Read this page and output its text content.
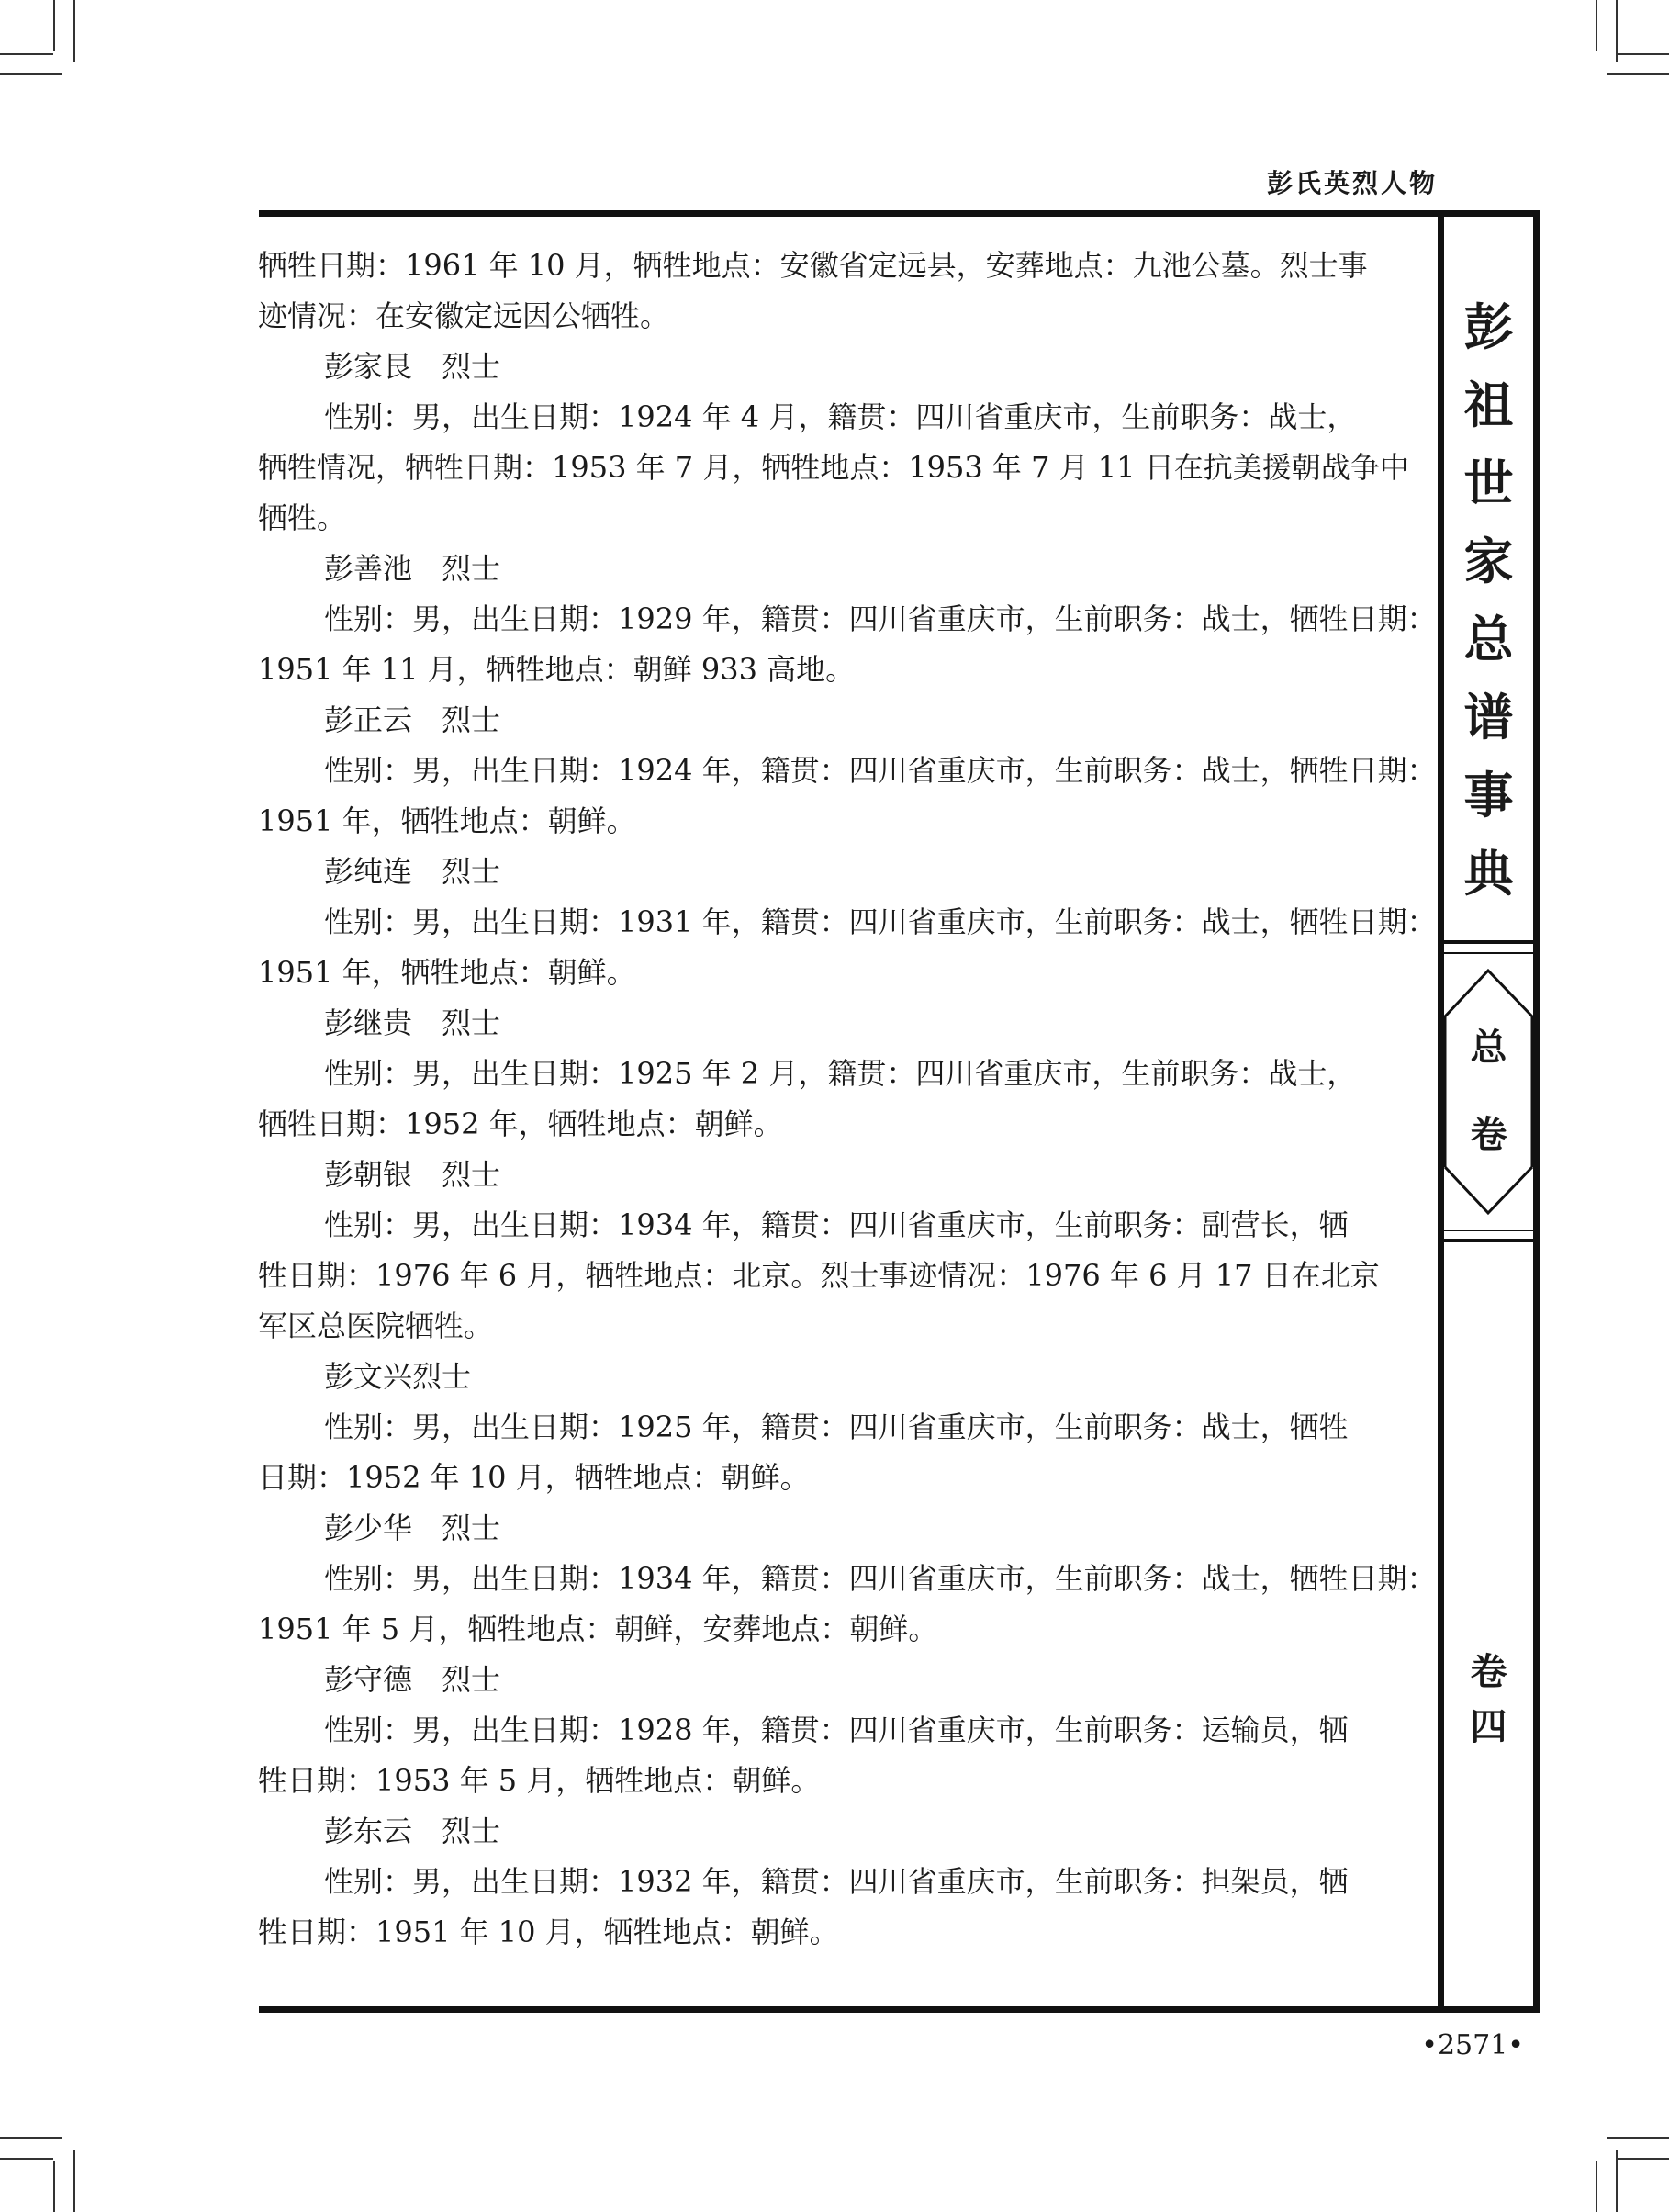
彭氏英烈人物
牺牲日期：1961 年 10 月，牺牲地点：安徽省定远县，安葬地点：九池公墓。烈士事
迹情况：在安徽定远因公牺牲。
彭家艮　烈士
性别：男，出生日期：1924 年 4 月，籍贯：四川省重庆市，生前职务：战士，
牺牲情况，牺牲日期：1953 年 7 月，牺牲地点：1953 年 7 月 11 日在抗美援朝战争中
牺牲。
彭善池　烈士
性别：男，出生日期：1929 年，籍贯：四川省重庆市，生前职务：战士，牺牲日期：
1951 年 11 月，牺牲地点：朝鲜 933 高地。
彭正云　烈士
性别：男，出生日期：1924 年，籍贯：四川省重庆市，生前职务：战士，牺牲日期：
1951 年，牺牲地点：朝鲜。
彭纯连　烈士
性别：男，出生日期：1931 年，籍贯：四川省重庆市，生前职务：战士，牺牲日期：
1951 年，牺牲地点：朝鲜。
彭继贵　烈士
性别：男，出生日期：1925 年 2 月，籍贯：四川省重庆市，生前职务：战士，
牺牲日期：1952 年，牺牲地点：朝鲜。
彭朝银　烈士
性别：男，出生日期：1934 年，籍贯：四川省重庆市，生前职务：副营长，牺
牲日期：1976 年 6 月，牺牲地点：北京。烈士事迹情况：1976 年 6 月 17 日在北京
军区总医院牺牲。
彭文兴烈士
性别：男，出生日期：1925 年，籍贯：四川省重庆市，生前职务：战士，牺牲
日期：1952 年 10 月，牺牲地点：朝鲜。
彭少华　烈士
性别：男，出生日期：1934 年，籍贯：四川省重庆市，生前职务：战士，牺牲日期：
1951 年 5 月，牺牲地点：朝鲜，安葬地点：朝鲜。
彭守德　烈士
性别：男，出生日期：1928 年，籍贯：四川省重庆市，生前职务：运输员，牺
牲日期：1953 年 5 月，牺牲地点：朝鲜。
彭东云　烈士
性别：男，出生日期：1932 年，籍贯：四川省重庆市，生前职务：担架员，牺
牲日期：1951 年 10 月，牺牲地点：朝鲜。
彭
祖
世
家
总
谱
事
典
总
卷
卷
四
•2571•
